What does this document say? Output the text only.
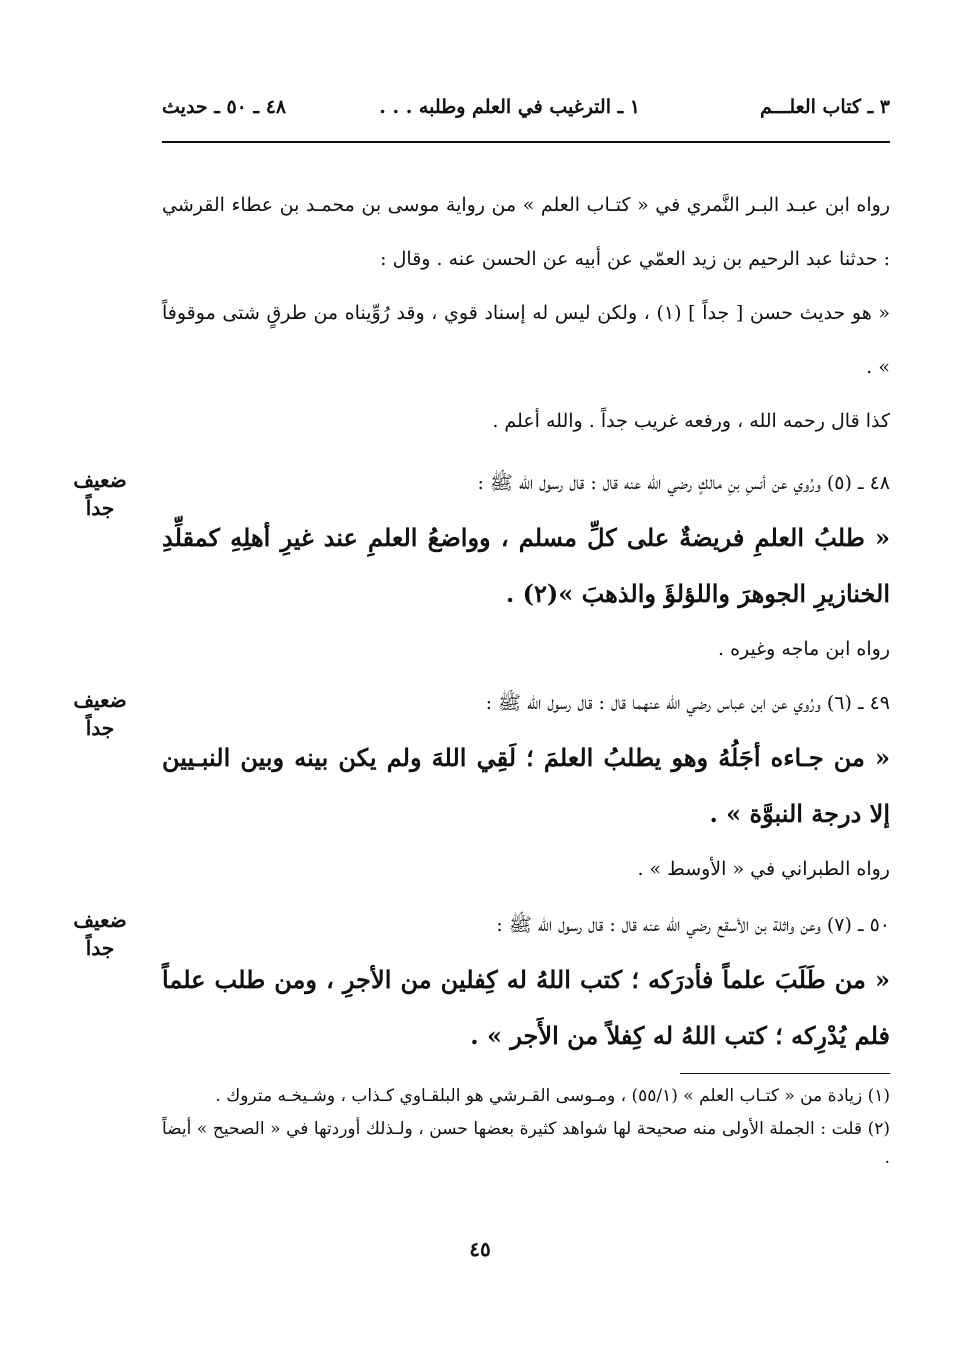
٣ ـ كتاب العلـــم
١ ـ الترغيب في العلم وطلبه . . .
٤٨ ـ ٥٠ ـ حديث

رواه ابن عبـد البـر النَّمري في « كتـاب العلم » من رواية موسى بن محمـد بن عطاء القرشي : حدثنا عبد الرحيم بن زيد العمّي عن أبيه عن الحسن عنه . وقال :

« هو حديث حسن [ جداً ] (١) ، ولكن ليس له إسناد قوي ، وقد رُوِّيناه من طرقٍ شتى موقوفاً » .

كذا قال رحمه الله ، ورفعه غريب جداً . والله أعلم .

ضعيف
جداً

٤٨ ـ (٥) ورُوي عن أنسِ بنِ مالكٍ رضي الله عنه قال : قال رسول الله ﷺ :

« طلبُ العلمِ فريضةٌ على كلِّ مسلم ، وواضعُ العلمِ عند غيرِ أهلِهِ كمقلِّدِ الخنازيرِ الجوهرَ واللؤلؤَ والذهبَ »(٢) .

رواه ابن ماجه وغيره .

ضعيف
جداً

٤٩ ـ (٦) ورُوي عن ابن عباس رضي الله عنهما قال : قال رسول الله ﷺ :

« من جـاءه أجَلُهُ وهو يطلبُ العلمَ ؛ لَقِي اللهَ ولم يكن بينه وبين النبـيين إلا درجة النبوَّة » .

رواه الطبراني في « الأوسط » .

ضعيف
جداً

٥٠ ـ (٧) وعن واثلة بن الأسقع رضي الله عنه قال : قال رسول الله ﷺ :

« من طَلَبَ علماً فأدرَكه ؛ كتب اللهُ له كِفلين من الأجرِ ، ومن طلب علماً فلم يُدْرِكه ؛ كتب اللهُ له كِفلاً من الأَجر » .

(١) زيادة من « كتـاب العلم » (٥٥/١) ، ومـوسى القـرشي هو البلقـاوي كـذاب ، وشـيخـه متروك .

(٢) قلت : الجملة الأولى منه صحيحة لها شواهد كثيرة بعضها حسن ، ولـذلك أوردتها في « الصحيح » أيضاً .

٤٥
